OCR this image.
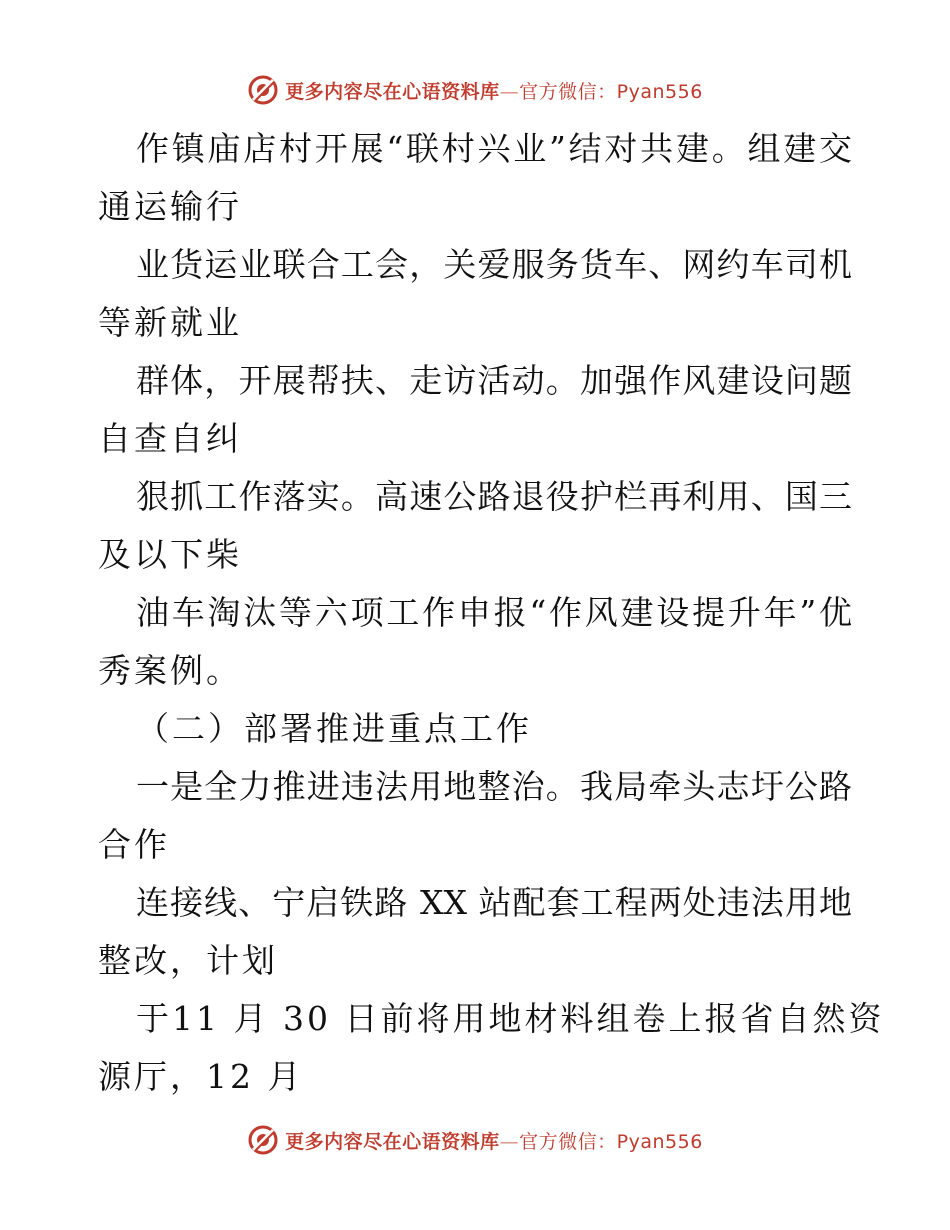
更多内容尽在心语资料库—官方微信：Pyan556
作镇庙店村开展“联村兴业”结对共建。组建交
通运输行
业货运业联合工会，关爱服务货车、网约车司机
等新就业
群体，开展帮扶、走访活动。加强作风建设问题
自查自纠
狠抓工作落实。高速公路退役护栏再利用、国三
及以下柴
油车淘汰等六项工作申报“作风建设提升年”优
秀案例。
（二）部署推进重点工作
一是全力推进违法用地整治。我局牵头志圩公路
合作
连接线、宁启铁路 XX 站配套工程两处违法用地
整改，计划
于11 月 30 日前将用地材料组卷上报省自然资
源厅，12 月
更多内容尽在心语资料库—官方微信：Pyan556
